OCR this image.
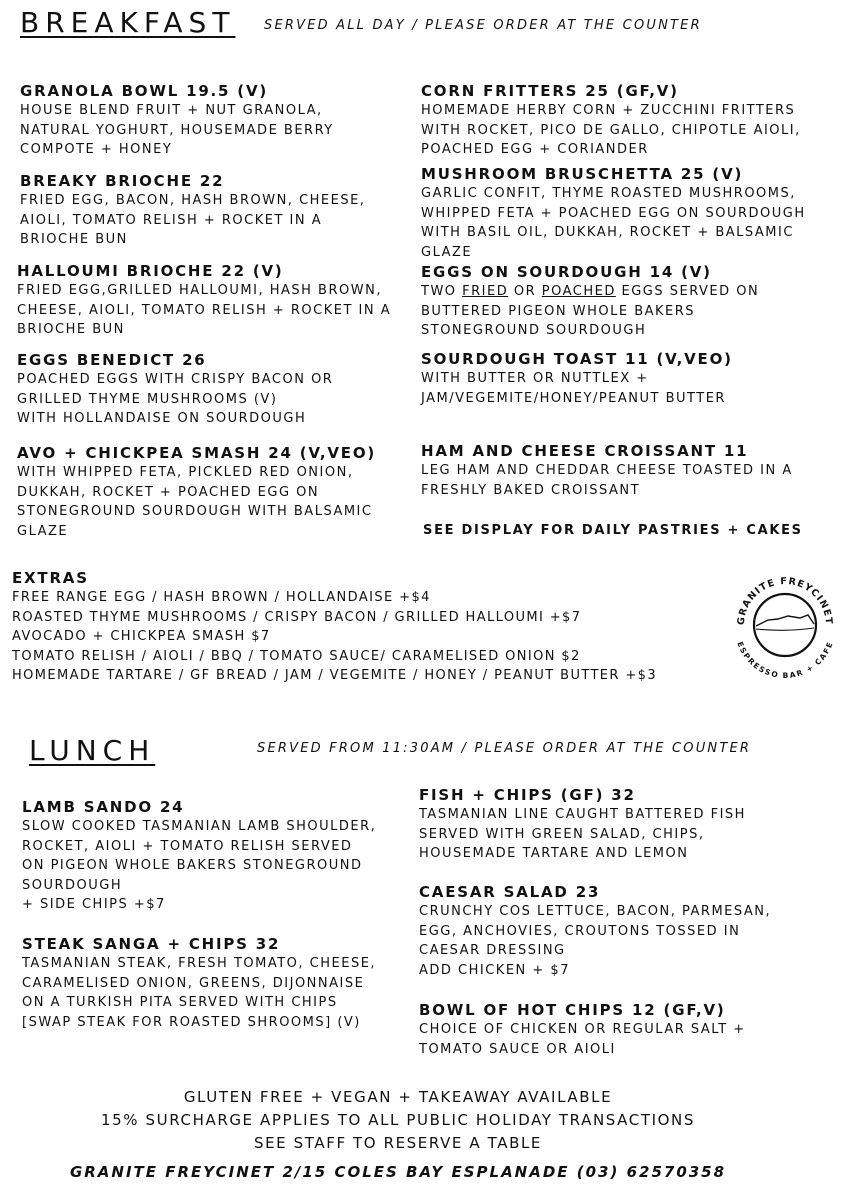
BREAKFAST SERVED ALL DAY / PLEASE ORDER AT THE COUNTER
GRANOLA BOWL 19.5 (V)
HOUSE BLEND FRUIT + NUT GRANOLA,
NATURAL YOGHURT, HOUSEMADE BERRY
COMPOTE + HONEY
BREAKY BRIOCHE 22
FRIED EGG, BACON, HASH BROWN, CHEESE,
AIOLI, TOMATO RELISH + ROCKET IN A
BRIOCHE BUN
HALLOUMI BRIOCHE 22 (V)
FRIED EGG,GRILLED HALLOUMI, HASH BROWN,
CHEESE, AIOLI, TOMATO RELISH + ROCKET IN A
BRIOCHE BUN
EGGS BENEDICT 26
POACHED EGGS WITH CRISPY BACON OR
GRILLED THYME MUSHROOMS (V)
WITH HOLLANDAISE ON SOURDOUGH
AVO + CHICKPEA SMASH 24 (V,VEO)
WITH WHIPPED FETA, PICKLED RED ONION,
DUKKAH, ROCKET + POACHED EGG ON
STONEGROUND SOURDOUGH WITH BALSAMIC
GLAZE
CORN FRITTERS 25 (GF,V)
HOMEMADE HERBY CORN + ZUCCHINI FRITTERS
WITH ROCKET, PICO DE GALLO, CHIPOTLE AIOLI,
POACHED EGG + CORIANDER
MUSHROOM BRUSCHETTA 25 (V)
GARLIC CONFIT, THYME ROASTED MUSHROOMS,
WHIPPED FETA + POACHED EGG ON SOURDOUGH
WITH BASIL OIL, DUKKAH, ROCKET + BALSAMIC
GLAZE
EGGS ON SOURDOUGH 14 (V)
TWO FRIED OR POACHED EGGS SERVED ON
BUTTERED PIGEON WHOLE BAKERS
STONEGROUND SOURDOUGH
SOURDOUGH TOAST 11 (V,VEO)
WITH BUTTER OR NUTTLEX +
JAM/VEGEMITE/HONEY/PEANUT BUTTER
HAM AND CHEESE CROISSANT 11
LEG HAM AND CHEDDAR CHEESE TOASTED IN A
FRESHLY BAKED CROISSANT
SEE DISPLAY FOR DAILY PASTRIES + CAKES
EXTRAS
FREE RANGE EGG / HASH BROWN / HOLLANDAISE +$4
ROASTED THYME MUSHROOMS / CRISPY BACON / GRILLED HALLOUMI +$7
AVOCADO + CHICKPEA SMASH $7
TOMATO RELISH / AIOLI / BBQ / TOMATO SAUCE/ CARAMELISED ONION $2
HOMEMADE TARTARE / GF BREAD / JAM / VEGEMITE / HONEY / PEANUT BUTTER +$3
GRANITE FREYCINET
ESPRESSO BAR + CAFE
LUNCH	SERVED FROM 11:30AM / PLEASE ORDER AT THE COUNTER
LAMB SANDO 24
SLOW COOKED TASMANIAN LAMB SHOULDER,
ROCKET, AIOLI + TOMATO RELISH SERVED
ON PIGEON WHOLE BAKERS STONEGROUND
SOURDOUGH
+ SIDE CHIPS +$7
STEAK SANGA + CHIPS 32
TASMANIAN STEAK, FRESH TOMATO, CHEESE,
CARAMELISED ONION, GREENS, DIJONNAISE
ON A TURKISH PITA SERVED WITH CHIPS
[SWAP STEAK FOR ROASTED SHROOMS] (V)
FISH + CHIPS (GF) 32
TASMANIAN LINE CAUGHT BATTERED FISH
SERVED WITH GREEN SALAD, CHIPS,
HOUSEMADE TARTARE AND LEMON
CAESAR SALAD 23
CRUNCHY COS LETTUCE, BACON, PARMESAN,
EGG, ANCHOVIES, CROUTONS TOSSED IN
CAESAR DRESSING
ADD CHICKEN + $7
BOWL OF HOT CHIPS 12 (GF,V)
CHOICE OF CHICKEN OR REGULAR SALT +
TOMATO SAUCE OR AIOLI
GLUTEN FREE + VEGAN + TAKEAWAY AVAILABLE
15% SURCHARGE APPLIES TO ALL PUBLIC HOLIDAY TRANSACTIONS
SEE STAFF TO RESERVE A TABLE
GRANITE FREYCINET 2/15 COLES BAY ESPLANADE (03) 62570358
